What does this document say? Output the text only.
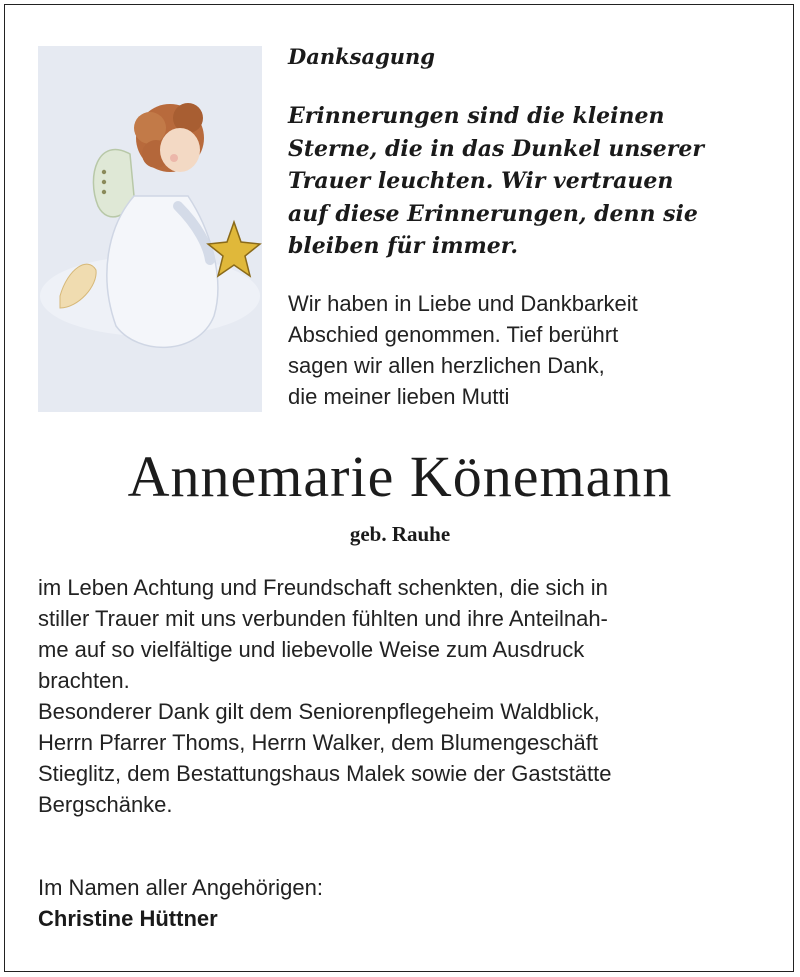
Danksagung

Erinnerungen sind die kleinen
Sterne, die in das Dunkel unserer
Trauer leuchten. Wir vertrauen
auf diese Erinnerungen, denn sie
bleiben für immer.

Wir haben in Liebe und Dankbarkeit
Abschied genommen. Tief berührt
sagen wir allen herzlichen Dank,
die meiner lieben Mutti

Annemarie Könemann

geb. Rauhe

im Leben Achtung und Freundschaft schenkten, die sich in
stiller Trauer mit uns verbunden fühlten und ihre Anteilnah-
me auf so vielfältige und liebevolle Weise zum Ausdruck
brachten.
Besonderer Dank gilt dem Seniorenpflegeheim Waldblick,
Herrn Pfarrer Thoms, Herrn Walker, dem Blumengeschäft
Stieglitz, dem Bestattungshaus Malek sowie der Gaststätte
Bergschänke.

Im Namen aller Angehörigen:

Christine Hüttner
